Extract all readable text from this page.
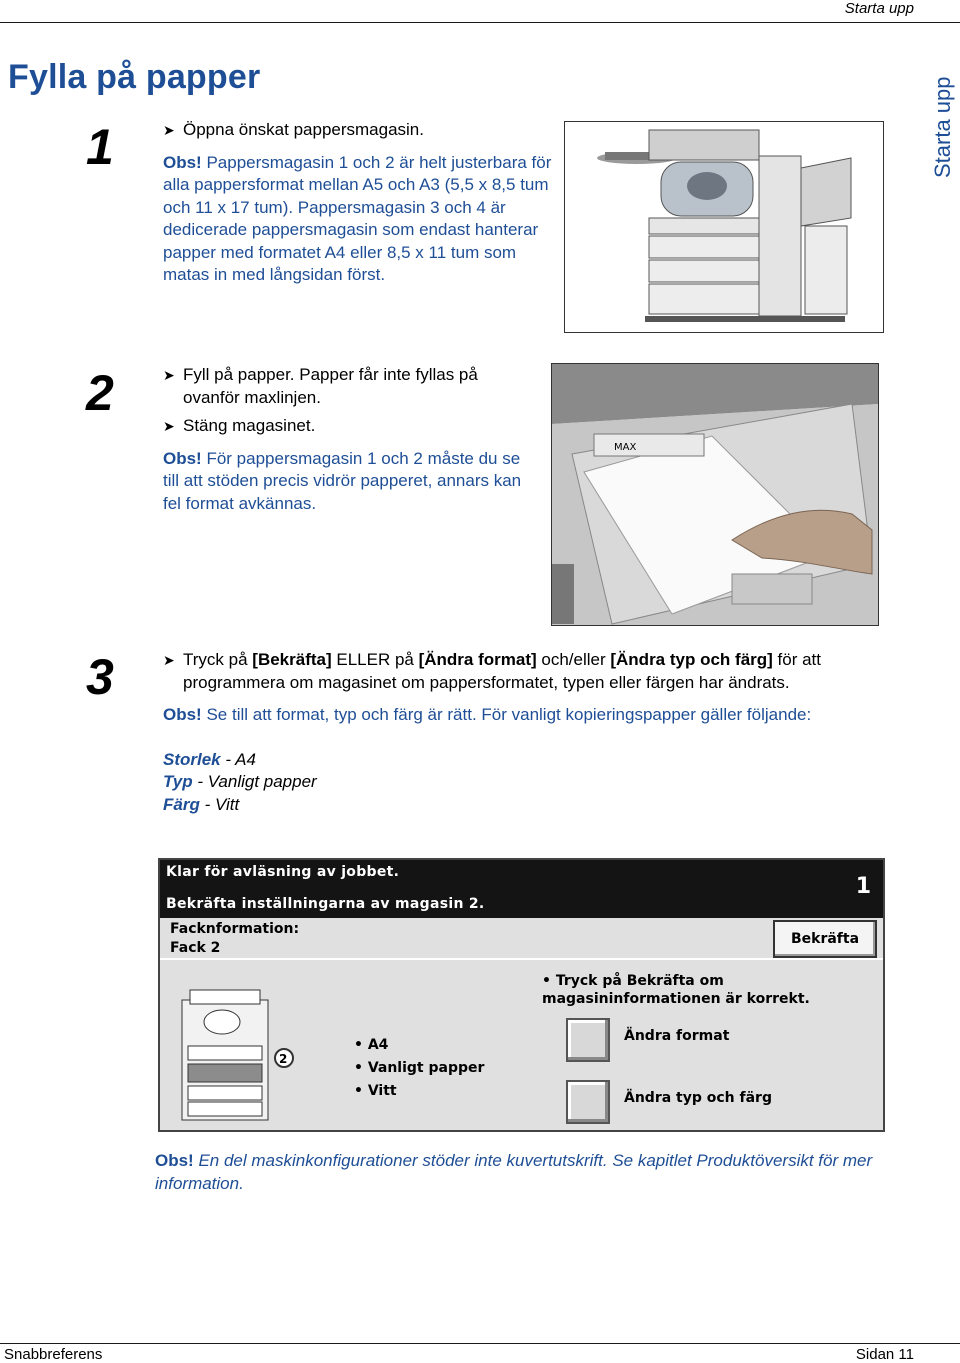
Starta upp
Fylla på papper	Starta upp
1	➤ Öppna önskat pappersmagasin.
Obs! Pappersmagasin 1 och 2 är helt justerbara för alla pappersformat mellan A5 och A3 (5,5 x 8,5 tum och 11 x 17 tum). Pappersmagasin 3 och 4 är dedicerade pappersmagasin som endast hanterar papper med formatet A4 eller 8,5 x 11 tum som matas in med långsidan först.
2	➤ Fyll på papper. Papper får inte fyllas på ovanför maxlinjen.
➤ Stäng magasinet.
Obs! För pappersmagasin 1 och 2 måste du se till att stöden precis vidrör papperet, annars kan fel format avkännas.
MAX
3	➤ Tryck på [Bekräfta] ELLER på [Ändra format] och/eller [Ändra typ och färg] för att programmera om magasinet om pappersformatet, typen eller färgen har ändrats.
Obs! Se till att format, typ och färg är rätt. För vanligt kopieringspapper gäller följande:
Storlek - A4
Typ - Vanligt papper
Färg - Vitt
Klar för avläsning av jobbet.
Bekräfta inställningarna av magasin 2.
1
Facknformation:
Fack 2
Bekräfta
• Tryck på Bekräfta om
magasininformationen är korrekt.
Ändra format
Ändra typ och färg
2
• A4
• Vanligt papper
• Vitt
Obs! En del maskinkonfigurationer stöder inte kuvertutskrift. Se kapitlet Produktöversikt för mer information.
Snabbreferens	Sidan 11
